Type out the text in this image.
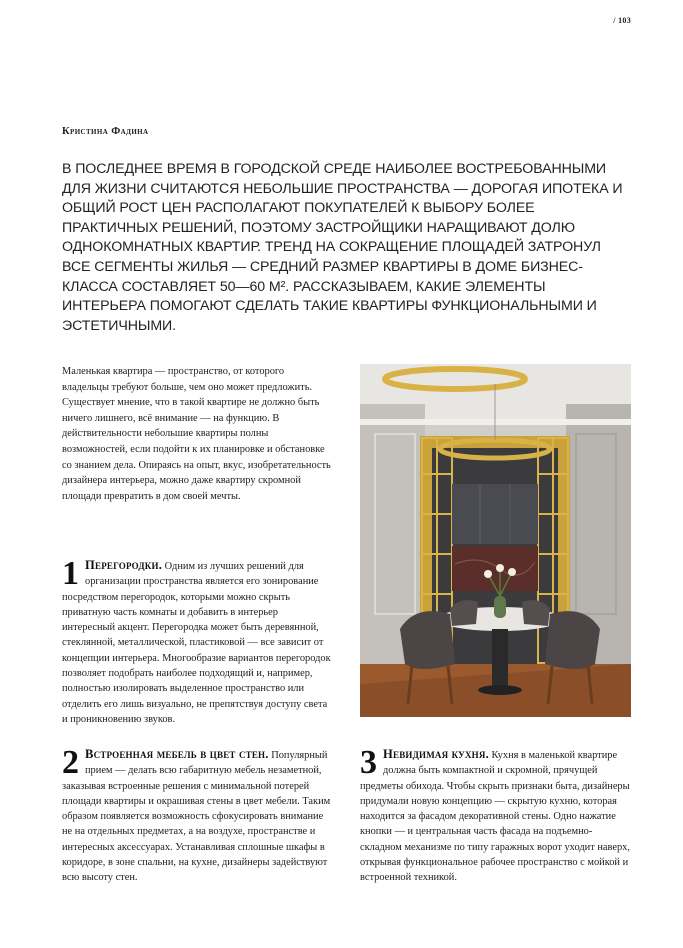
/ 103
Кристина Фадина
В ПОСЛЕДНЕЕ ВРЕМЯ В ГОРОДСКОЙ СРЕДЕ НАИБОЛЕЕ ВОСТРЕБОВАННЫМИ ДЛЯ ЖИЗНИ СЧИТАЮТСЯ НЕБОЛЬШИЕ ПРОСТРАНСТВА — ДОРОГАЯ ИПОТЕКА И ОБЩИЙ РОСТ ЦЕН РАСПОЛАГАЮТ ПОКУПАТЕЛЕЙ К ВЫБОРУ БОЛЕЕ ПРАКТИЧНЫХ РЕШЕНИЙ, ПОЭТОМУ ЗАСТРОЙЩИКИ НАРАЩИВАЮТ ДОЛЮ ОДНОКОМНАТНЫХ КВАРТИР. ТРЕНД НА СОКРАЩЕНИЕ ПЛОЩАДЕЙ ЗАТРОНУЛ ВСЕ СЕГМЕНТЫ ЖИЛЬЯ — СРЕДНИЙ РАЗМЕР КВАРТИРЫ В ДОМЕ БИЗНЕС-КЛАССА СОСТАВЛЯЕТ 50—60 М². РАССКАЗЫВАЕМ, КАКИЕ ЭЛЕМЕНТЫ ИНТЕРЬЕРА ПОМОГАЮТ СДЕЛАТЬ ТАКИЕ КВАРТИРЫ ФУНКЦИОНАЛЬНЫМИ И ЭСТЕТИЧНЫМИ.
Маленькая квартира — пространство, от которого владельцы требуют больше, чем оно может предложить. Существует мнение, что в такой квартире не должно быть ничего лишнего, всё внимание — на функцию. В действительности небольшие квартиры полны возможностей, если подойти к их планировке и обстановке со знанием дела. Опираясь на опыт, вкус, изобретательность дизайнера интерьера, можно даже квартиру скромной площади превратить в дом своей мечты.
1 Перегородки. Одним из лучших решений для организации пространства является его зонирование посредством перегородок, которыми можно скрыть приватную часть комнаты и добавить в интерьер интересный акцент. Перегородка может быть деревянной, стеклянной, металлической, пластиковой — все зависит от концепции интерьера. Многообразие вариантов перегородок позволяет подобрать наиболее подходящий и, например, полностью изолировать выделенное пространство или отделить его лишь визуально, не препятствуя доступу света и проникновению звуков.
2 Встроенная мебель в цвет стен. Популярный прием — делать всю габаритную мебель незаметной, заказывая встроенные решения с минимальной потерей площади квартиры и окрашивая стены в цвет мебели. Таким образом появляется возможность сфокусировать внимание не на отдельных предметах, а на воздухе, пространстве и интересных аксессуарах. Устанавливая сплошные шкафы в коридоре, в зоне спальни, на кухне, дизайнеры задействуют всю высоту стен.
3 Невидимая кухня. Кухня в маленькой квартире должна быть компактной и скромной, прячущей предметы обихода. Чтобы скрыть признаки быта, дизайнеры придумали новую концепцию — скрытую кухню, которая находится за фасадом декоративной стены. Одно нажатие кнопки — и центральная часть фасада на подъемно-складном механизме по типу гаражных ворот уходит наверх, открывая функциональное рабочее пространство с мойкой и встроенной техникой.
